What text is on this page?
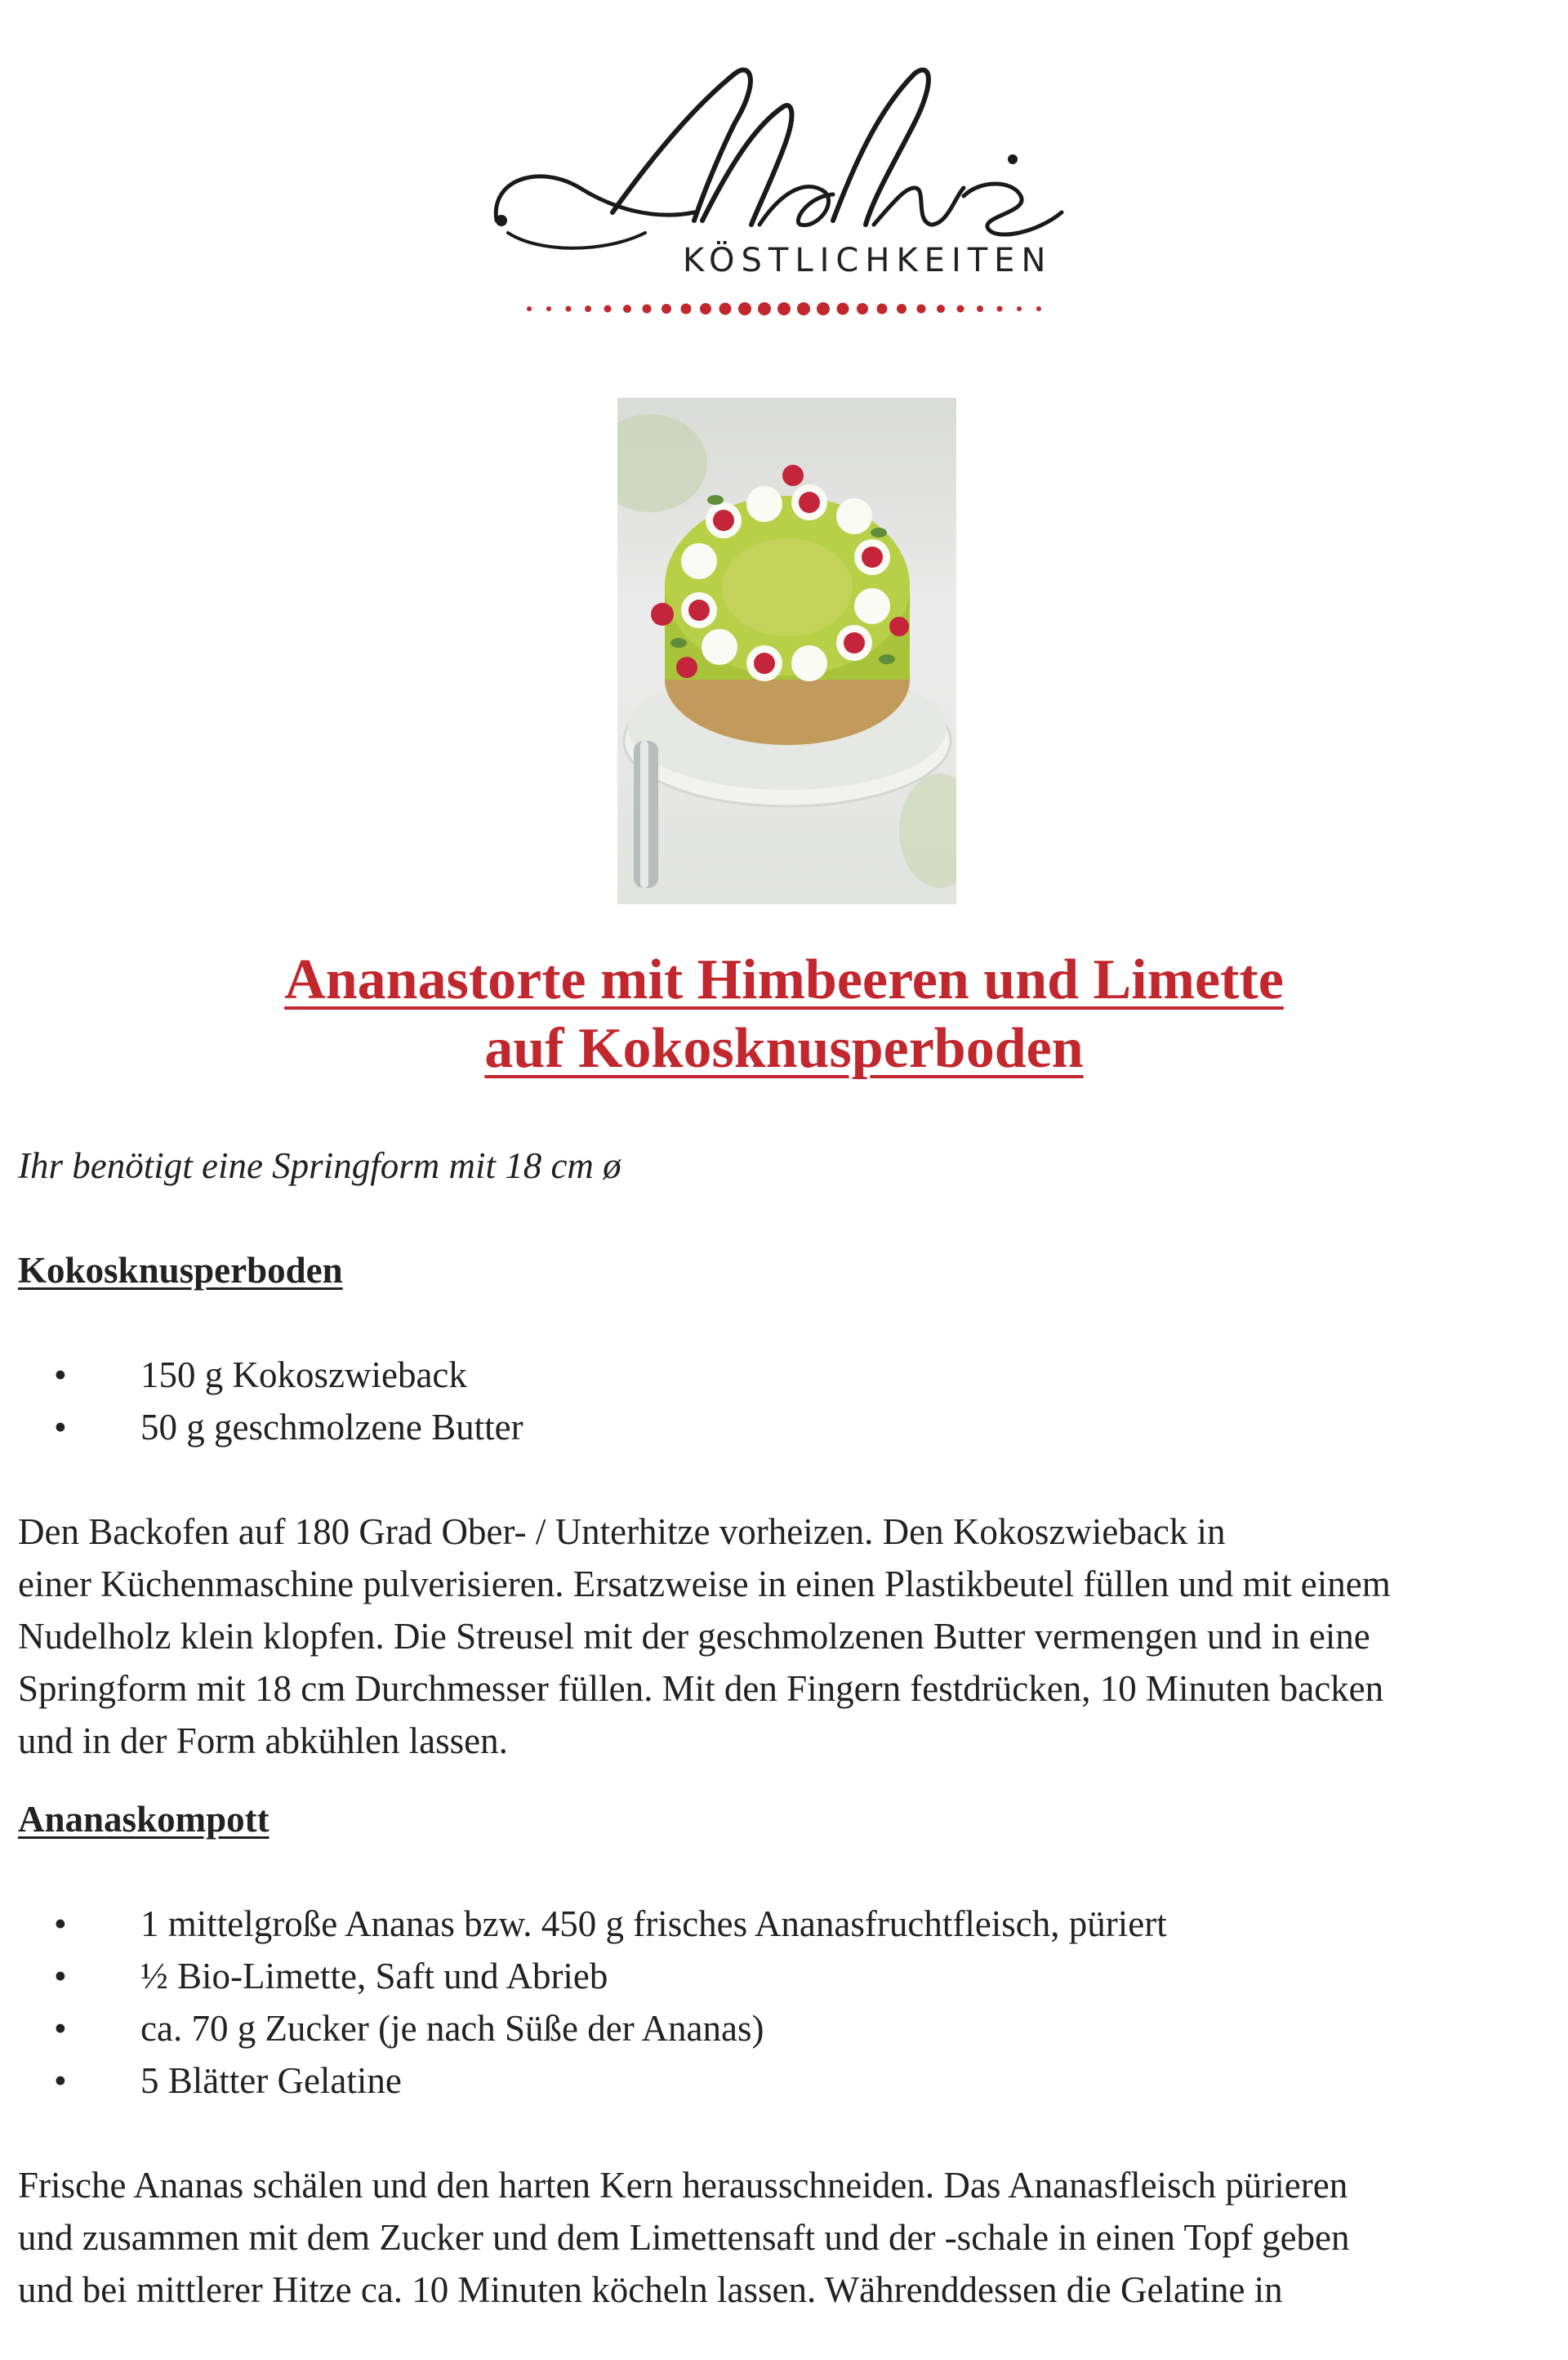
KÖSTLICHKEITEN
Ananastorte mit Himbeeren und Limette
auf Kokosknusperboden

Ihr benötigt eine Springform mit 18 cm ø

Kokosknusperboden
• 150 g Kokoszwieback
• 50 g geschmolzene Butter
Den Backofen auf 180 Grad Ober- / Unterhitze vorheizen. Den Kokoszwieback in
einer Küchenmaschine pulverisieren. Ersatzweise in einen Plastikbeutel füllen und mit einem
Nudelholz klein klopfen. Die Streusel mit der geschmolzenen Butter vermengen und in eine
Springform mit 18 cm Durchmesser füllen. Mit den Fingern festdrücken, 10 Minuten backen
und in der Form abkühlen lassen.
Ananaskompott
• 1 mittelgroße Ananas bzw. 450 g frisches Ananasfruchtfleisch, püriert
• ½ Bio-Limette, Saft und Abrieb
• ca. 70 g Zucker (je nach Süße der Ananas)
• 5 Blätter Gelatine
Frische Ananas schälen und den harten Kern herausschneiden. Das Ananasfleisch pürieren
und zusammen mit dem Zucker und dem Limettensaft und der -schale in einen Topf geben
und bei mittlerer Hitze ca. 10 Minuten köcheln lassen. Währenddessen die Gelatine in
